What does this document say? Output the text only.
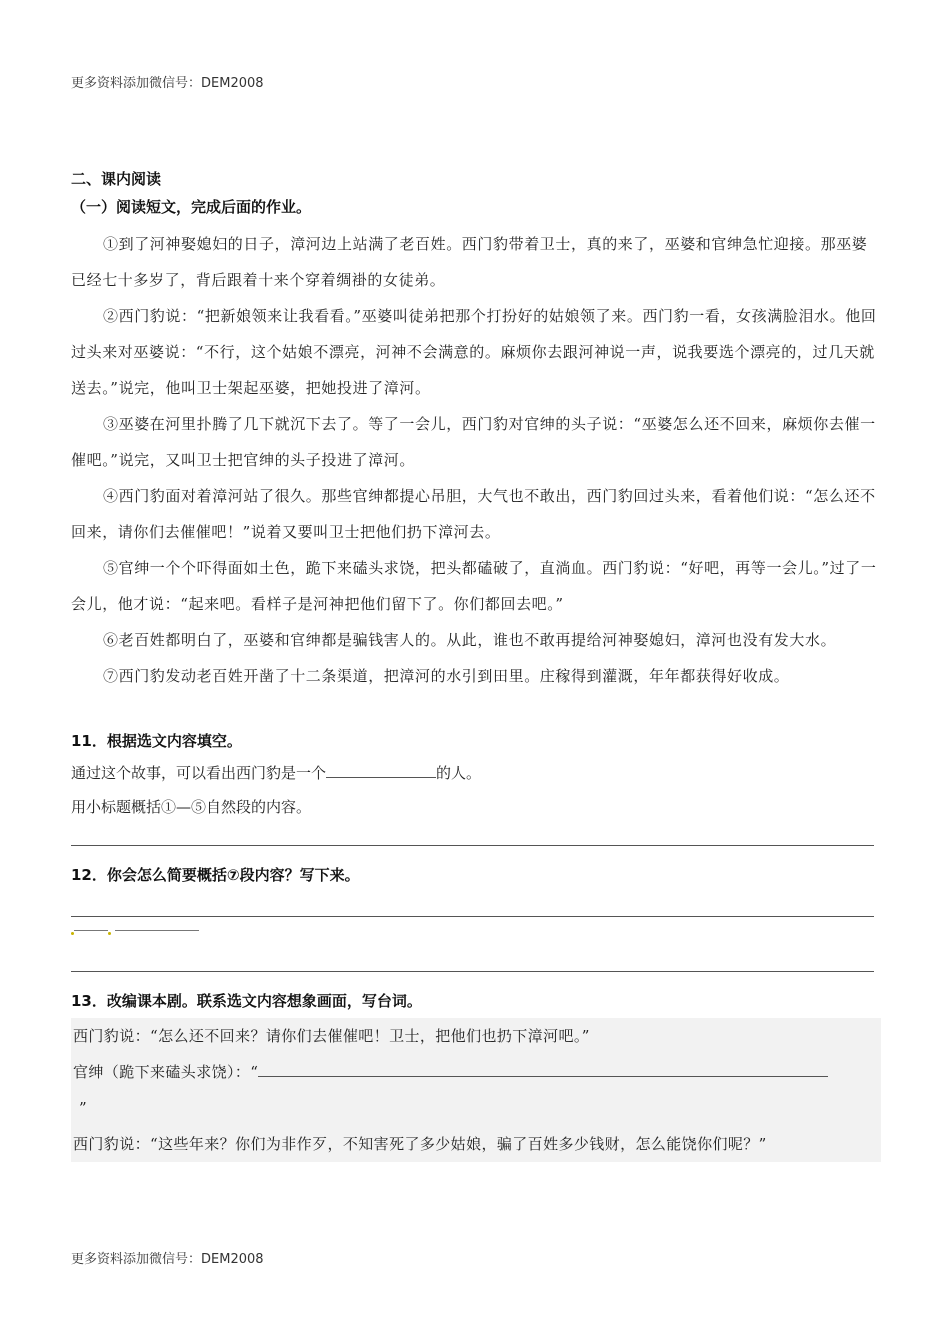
更多资料添加微信号：DEM2008

二、课内阅读

（一）阅读短文，完成后面的作业。

①到了河神娶媳妇的日子，漳河边上站满了老百姓。西门豹带着卫士，真的来了，巫婆和官绅急忙迎接。那巫婆已经七十多岁了，背后跟着十来个穿着绸褂的女徒弟。

②西门豹说：“把新娘领来让我看看。”巫婆叫徒弟把那个打扮好的姑娘领了来。西门豹一看，女孩满脸泪水。他回过头来对巫婆说：“不行，这个姑娘不漂亮，河神不会满意的。麻烦你去跟河神说一声，说我要选个漂亮的，过几天就送去。”说完，他叫卫士架起巫婆，把她投进了漳河。

③巫婆在河里扑腾了几下就沉下去了。等了一会儿，西门豹对官绅的头子说：“巫婆怎么还不回来，麻烦你去催一催吧。”说完，又叫卫士把官绅的头子投进了漳河。

④西门豹面对着漳河站了很久。那些官绅都提心吊胆，大气也不敢出，西门豹回过头来，看着他们说：“怎么还不回来，请你们去催催吧！”说着又要叫卫士把他们扔下漳河去。

⑤官绅一个个吓得面如土色，跪下来磕头求饶，把头都磕破了，直淌血。西门豹说：“好吧，再等一会儿。”过了一会儿，他才说：“起来吧。看样子是河神把他们留下了。你们都回去吧。”

⑥老百姓都明白了，巫婆和官绅都是骗钱害人的。从此，谁也不敢再提给河神娶媳妇，漳河也没有发大水。

⑦西门豹发动老百姓开凿了十二条渠道，把漳河的水引到田里。庄稼得到灌溉，年年都获得好收成。

11．根据选文内容填空。

通过这个故事，可以看出西门豹是一个	的人。

用小标题概括①—⑤自然段的内容。

12．你会怎么简要概括⑦段内容？写下来。

13．改编课本剧。联系选文内容想象画面，写台词。

西门豹说：“怎么还不回来？请你们去催催吧！卫士，把他们也扔下漳河吧。”

官绅（跪下来磕头求饶）：“

”

西门豹说：“这些年来？你们为非作歹，不知害死了多少姑娘，骗了百姓多少钱财，怎么能饶你们呢？”

更多资料添加微信号：DEM2008
